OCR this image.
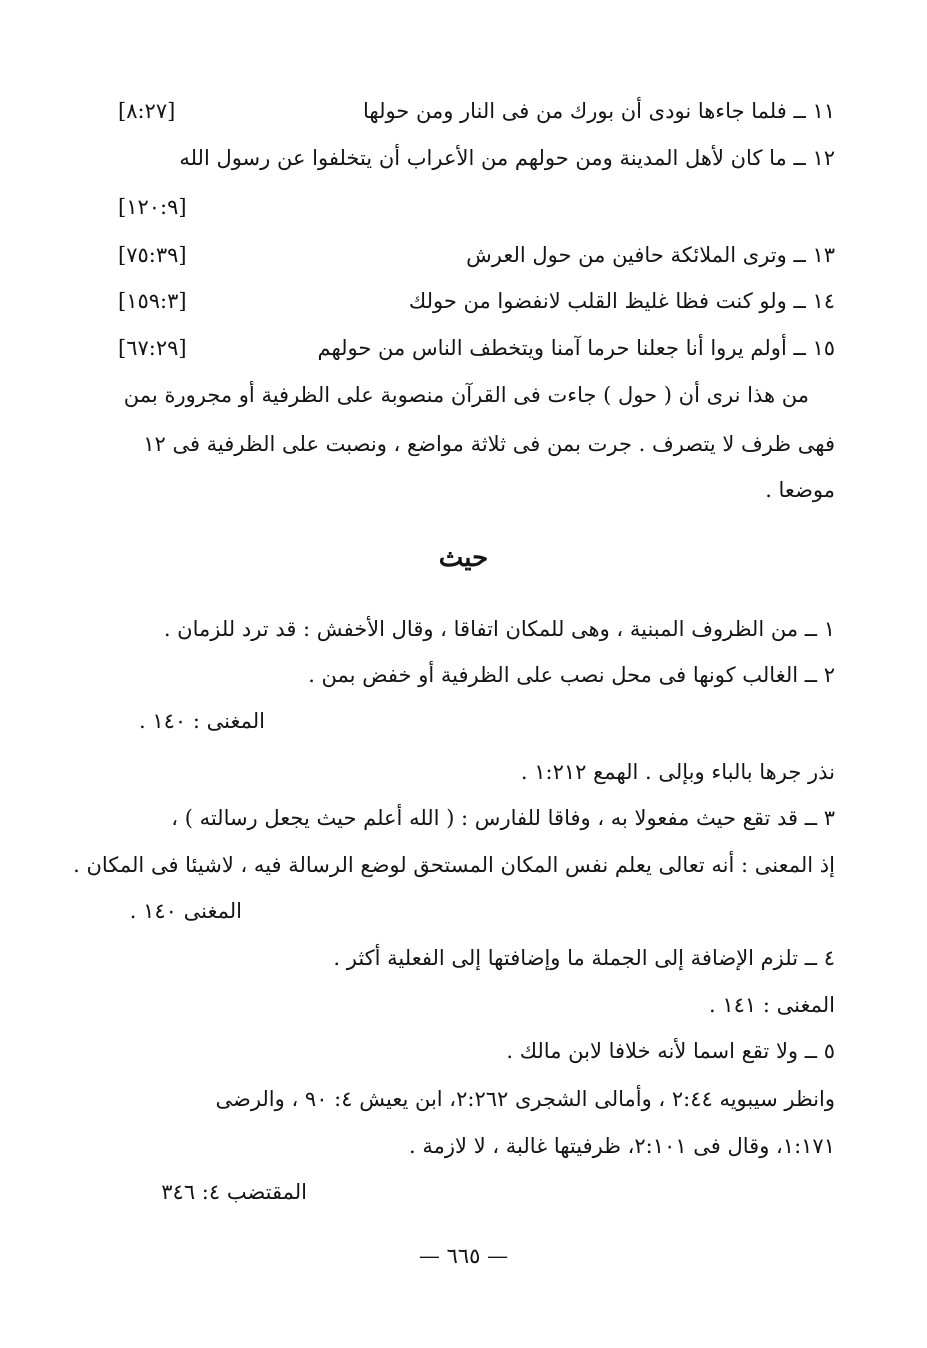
١١ ــ فلما جاءها نودى أن بورك من فى النار ومن حولها
[٨:٢٧]
١٢ ــ ما كان لأهل المدينة ومن حولهم من الأعراب أن يتخلفوا عن رسول الله
[١٢٠:٩]
١٣ ــ وترى الملائكة حافين من حول العرش
[٧٥:٣٩]
١٤ ــ ولو كنت فظا غليظ القلب لانفضوا من حولك
[١٥٩:٣]
١٥ ــ أولم يروا أنا جعلنا حرما آمنا ويتخطف الناس من حولهم
[٦٧:٢٩]
من هذا نرى أن ( حول ) جاءت فى القرآن منصوبة على الظرفية أو مجرورة بمن
فهى ظرف لا يتصرف . جرت بمن فى ثلاثة مواضع ، ونصبت على الظرفية فى ١٢
موضعا .
حيث
١ ــ من الظروف المبنية ، وهى للمكان اتفاقا ، وقال الأخفش : قد ترد للزمان .
٢ ــ الغالب كونها فى محل نصب على الظرفية أو خفض بمن .
المغنى : ١٤٠ .
نذر جرها بالباء وبإلى . الهمع ١:٢١٢ .
٣ ــ قد تقع حيث مفعولا به ، وفاقا للفارس : ( الله أعلم حيث يجعل رسالته ) ،
إذ المعنى : أنه تعالى يعلم نفس المكان المستحق لوضع الرسالة فيه ، لاشيئا فى المكان .
المغنى ١٤٠ .
٤ ــ تلزم الإضافة إلى الجملة ما وإضافتها إلى الفعلية أكثر .
المغنى : ١٤١ .
٥ ــ ولا تقع اسما لأنه خلافا لابن مالك .
وانظر سيبويه ٢:٤٤ ، وأمالى الشجرى ٢:٢٦٢، ابن يعيش ٤: ٩٠ ، والرضى
١:١٧١، وقال فى ٢:١٠١، ظرفيتها غالبة ، لا لازمة .
المقتضب ٤: ٣٤٦
— ٦٦٥ —
